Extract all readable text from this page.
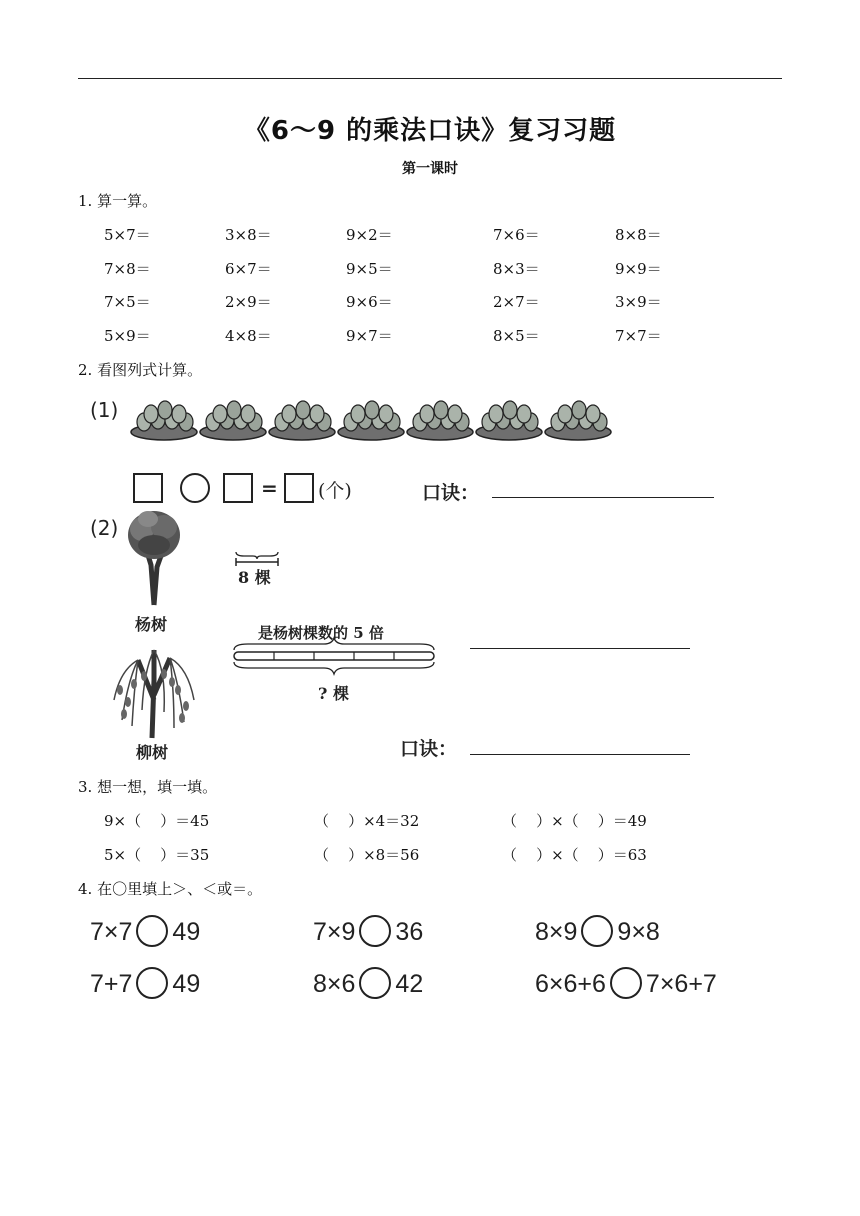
《6～9 的乘法口诀》复习习题
第一课时
1. 算一算。
5×7＝	3×8＝	9×2＝	7×6＝	8×8＝
7×8＝	6×7＝	9×5＝	8×3＝	9×9＝
7×5＝	2×9＝	9×6＝	2×7＝	3×9＝
5×9＝	4×8＝	9×7＝	8×5＝	7×7＝
2. 看图列式计算。
(1)
= (个)	口诀：
(2)
杨树
柳树
8 棵
是杨树棵数的 5 倍
? 棵
口诀：
3. 想一想，填一填。
9×（    ）＝45	（    ）×4＝32	（    ）×（    ）＝49
5×（    ）＝35	（    ）×8＝56	（    ）×（    ）＝63
4. 在〇里填上＞、＜或＝。
7×7 49	7×9 36	8×9 9×8
7+7 49	8×6 42	6×6+6 7×6+7
